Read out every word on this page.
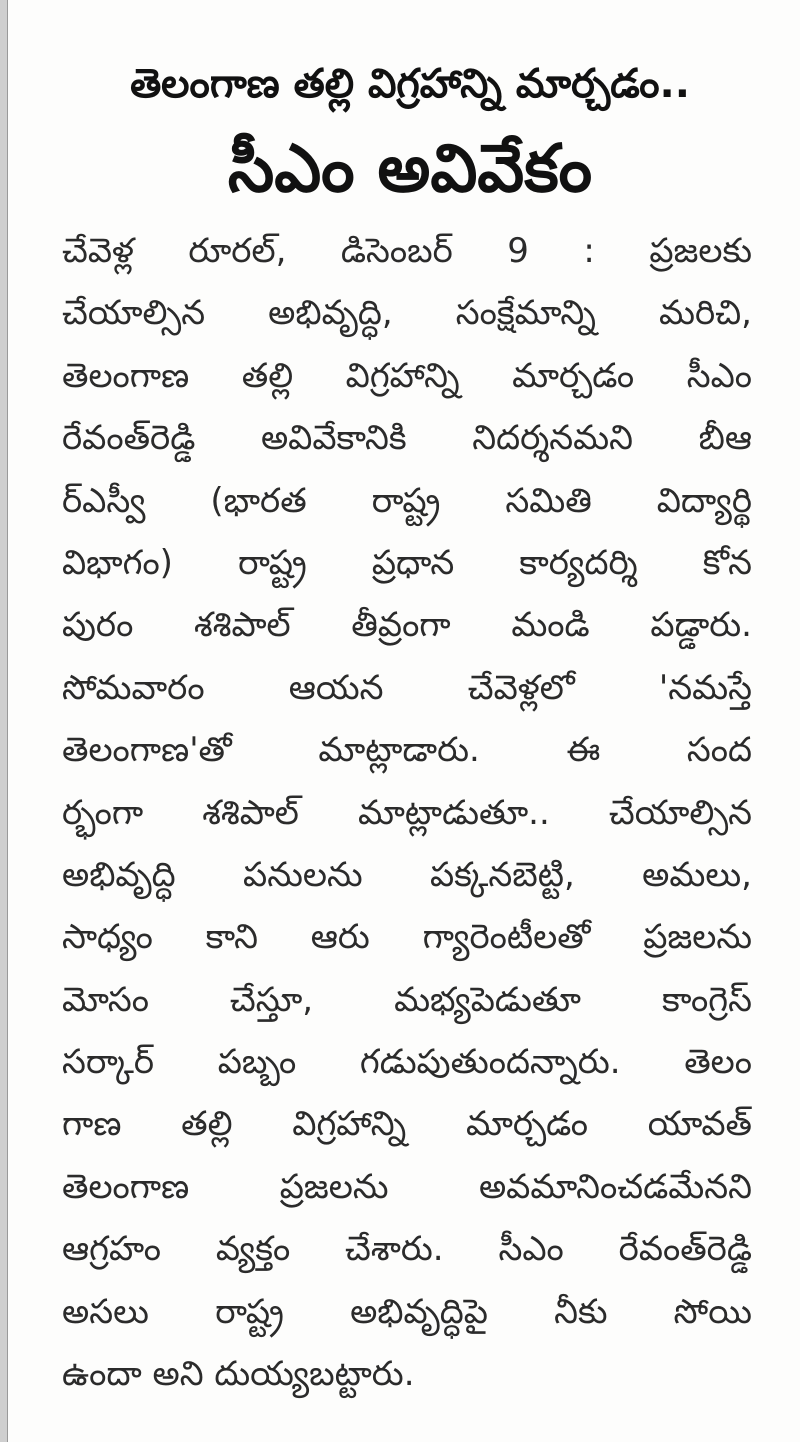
తెలంగాణ తల్లి విగ్రహాన్ని మార్చడం..
సీఎం అవివేకం
చేవెళ్ల రూరల్, డిసెంబర్ 9 : ప్రజలకు
చేయాల్సిన అభివృద్ధి, సంక్షేమాన్ని మరిచి,
తెలంగాణ తల్లి విగ్రహాన్ని మార్చడం సీఎం
రేవంత్‌రెడ్డి అవివేకానికి నిదర్శనమని బీఆ
ర్‌ఎస్వీ (భారత రాష్ట్ర సమితి విద్యార్థి
విభాగం) రాష్ట్ర ప్రధాన కార్యదర్శి కోన
పురం శశిపాల్ తీవ్రంగా మండి పడ్డారు.
సోమవారం ఆయన చేవెళ్లలో 'నమస్తే
తెలంగాణ'తో మాట్లాడారు. ఈ సంద
ర్భంగా శశిపాల్ మాట్లాడుతూ.. చేయాల్సిన
అభివృద్ధి పనులను పక్కనబెట్టి, అమలు,
సాధ్యం కాని ఆరు గ్యారెంటీలతో ప్రజలను
మోసం చేస్తూ, మభ్యపెడుతూ కాంగ్రెస్
సర్కార్ పబ్బం గడుపుతుందన్నారు. తెలం
గాణ తల్లి విగ్రహాన్ని మార్చడం యావత్
తెలంగాణ ప్రజలను అవమానించడమేనని
ఆగ్రహం వ్యక్తం చేశారు. సీఎం రేవంత్‌రెడ్డి
అసలు రాష్ట్ర అభివృద్ధిపై నీకు సోయి
ఉందా అని దుయ్యబట్టారు.
